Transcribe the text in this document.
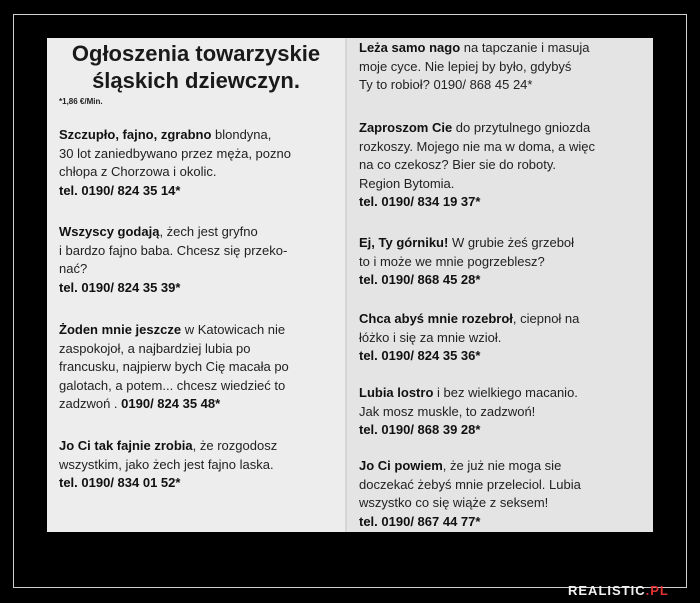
Ogłoszenia towarzyskie
śląskich dziewczyn.
*1,86 €/Min.
Szczupło, fajno, zgrabno blondyna,
30 lot zaniedbywano przez męża, pozno
chłopa z Chorzowa i okolic.
tel. 0190/ 824 35 14*
Wszyscy godają, żech jest gryfno
i bardzo fajno baba. Chcesz się przeko-
nać?
tel. 0190/ 824 35 39*
Żoden mnie jeszcze w Katowicach nie
zaspokojoł, a najbardziej lubia po
francusku, najpierw bych Cię macała po
galotach, a potem... chcesz wiedzieć to
zadzwoń . 0190/ 824 35 48*
Jo Ci tak fajnie zrobia, że rozgodosz
wszystkim, jako żech jest fajno laska.
tel. 0190/ 834 01 52*
Leża samo nago na tapczanie i masuja
moje cyce. Nie lepiej by było, gdybyś
Ty to robioł? 0190/ 868 45 24*
Zaproszom Cie do przytulnego gniozda
rozkoszy. Mojego nie ma w doma, a więc
na co czekosz? Bier sie do roboty.
Region Bytomia.
tel. 0190/ 834 19 37*
Ej, Ty górniku! W grubie żeś grzeboł
to i może we mnie pogrzeblesz?
tel. 0190/ 868 45 28*
Chca abyś mnie rozebroł, ciepnoł na
łóżko i się za mnie wzioł.
tel. 0190/ 824 35 36*
Lubia lostro i bez wielkiego macanio.
Jak mosz muskle, to zadzwoń!
tel. 0190/ 868 39 28*
Jo Ci powiem, że już nie moga sie
doczekać żebyś mnie przeleciol. Lubia
wszystko co się wiąże z seksem!
tel. 0190/ 867 44 77*
REALISTIC.PL
